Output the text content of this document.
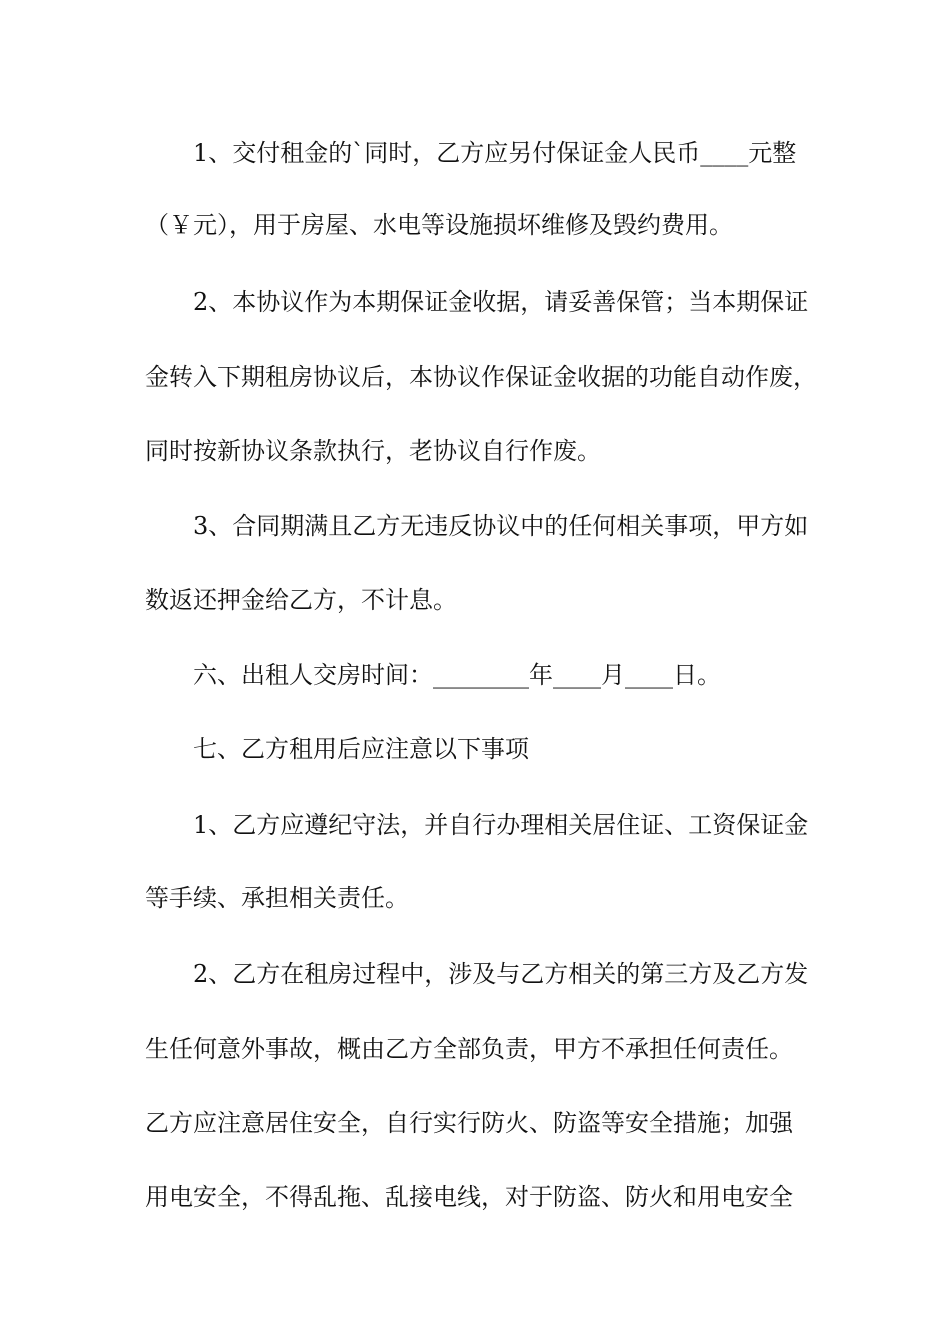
1、交付租金的`同时，乙方应另付保证金人民币____元整
（￥元），用于房屋、水电等设施损坏维修及毁约费用。
2、本协议作为本期保证金收据，请妥善保管；当本期保证
金转入下期租房协议后，本协议作保证金收据的功能自动作废，
同时按新协议条款执行，老协议自行作废。
3、合同期满且乙方无违反协议中的任何相关事项，甲方如
数返还押金给乙方，不计息。
六、出租人交房时间：________年____月____日。
七、乙方租用后应注意以下事项
1、乙方应遵纪守法，并自行办理相关居住证、工资保证金
等手续、承担相关责任。
2、乙方在租房过程中，涉及与乙方相关的第三方及乙方发
生任何意外事故，概由乙方全部负责，甲方不承担任何责任。
乙方应注意居住安全，自行实行防火、防盗等安全措施；加强
用电安全，不得乱拖、乱接电线，对于防盗、防火和用电安全
